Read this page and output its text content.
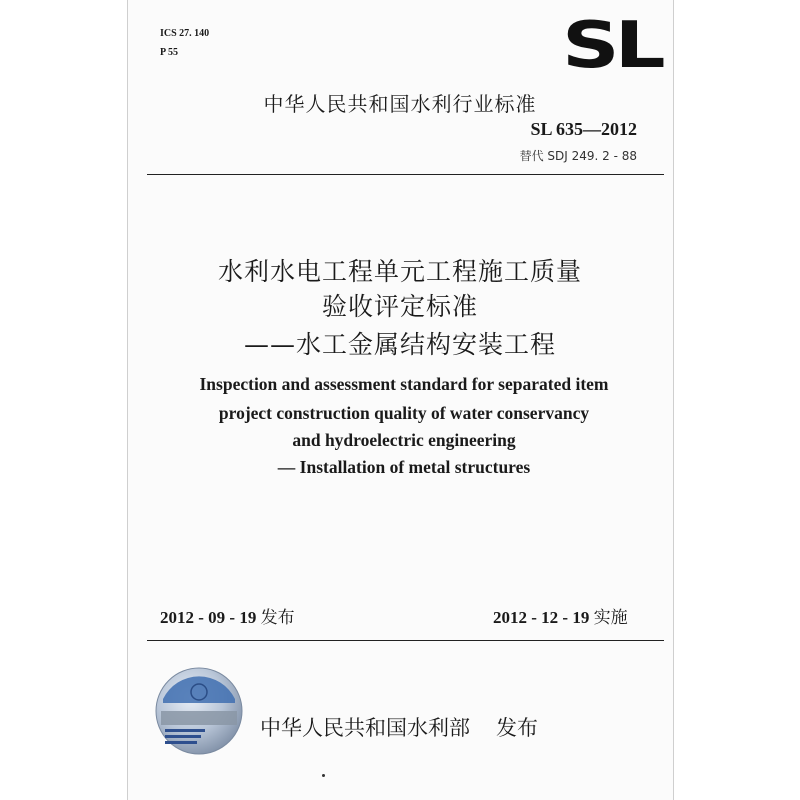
ICS 27. 140
P 55	SL
中华人民共和国水利行业标准
SL 635—2012
替代 SDJ 249. 2 - 88
水利水电工程单元工程施工质量
验收评定标准
——水工金属结构安装工程
Inspection and assessment standard for separated item
project construction quality of water conservancy
and hydroelectric engineering
— Installation of metal structures
2012 - 09 - 19 发布	2012 - 12 - 19 实施
中华人民共和国水利部 发布
